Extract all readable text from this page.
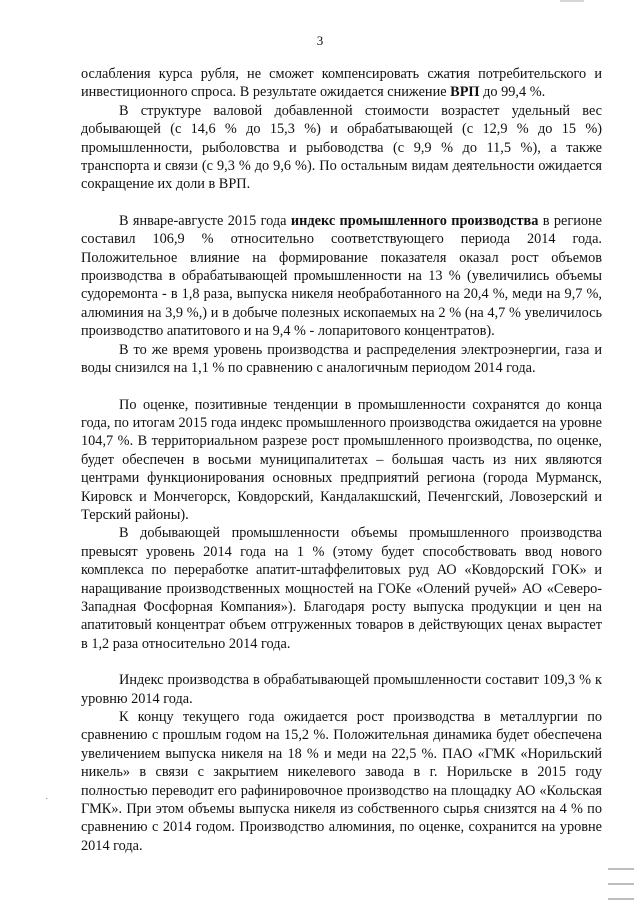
3

ослабления курса рубля, не сможет компенсировать сжатия потребительского и инвестиционного спроса. В результате ожидается снижение ВРП до 99,4 %.

В структуре валовой добавленной стоимости возрастет удельный вес добывающей (с 14,6 % до 15,3 %) и обрабатывающей (с 12,9 % до 15 %) промышленности, рыболовства и рыбоводства (с 9,9 % до 11,5 %), а также транспорта и связи (с 9,3 % до 9,6 %). По остальным видам деятельности ожидается сокращение их доли в ВРП.

В январе-августе 2015 года индекс промышленного производства в регионе составил 106,9 % относительно соответствующего периода 2014 года. Положительное влияние на формирование показателя оказал рост объемов производства в обрабатывающей промышленности на 13 % (увеличились объемы судоремонта - в 1,8 раза, выпуска никеля необработанного на 20,4 %, меди на 9,7 %, алюминия на 3,9 %,) и в добыче полезных ископаемых на 2 % (на 4,7 % увеличилось производство апатитового и на 9,4 % - лопаритового концентратов).

В то же время уровень производства и распределения электроэнергии, газа и воды снизился на 1,1 % по сравнению с аналогичным периодом 2014 года.

По оценке, позитивные тенденции в промышленности сохранятся до конца года, по итогам 2015 года индекс промышленного производства ожидается на уровне 104,7 %. В территориальном разрезе рост промышленного производства, по оценке, будет обеспечен в восьми муниципалитетах – большая часть из них являются центрами функционирования основных предприятий региона (города Мурманск, Кировск и Мончегорск, Ковдорский, Кандалакшский, Печенгский, Ловозерский и Терский районы).

В добывающей промышленности объемы промышленного производства превысят уровень 2014 года на 1 % (этому будет способствовать ввод нового комплекса по переработке апатит-штаффелитовых руд АО «Ковдорский ГОК» и наращивание производственных мощностей на ГОКе «Олений ручей» АО «Северо-Западная Фосфорная Компания»). Благодаря росту выпуска продукции и цен на апатитовый концентрат объем отгруженных товаров в действующих ценах вырастет в 1,2 раза относительно 2014 года.

Индекс производства в обрабатывающей промышленности составит 109,3 % к уровню 2014 года.

К концу текущего года ожидается рост производства в металлургии по сравнению с прошлым годом на 15,2 %. Положительная динамика будет обеспечена увеличением выпуска никеля на 18 % и меди на 22,5 %. ПАО «ГМК «Норильский никель» в связи с закрытием никелевого завода в г. Норильске в 2015 году полностью переводит его рафинировочное производство на площадку АО «Кольская ГМК». При этом объемы выпуска никеля из собственного сырья снизятся на 4 % по сравнению с 2014 годом. Производство алюминия, по оценке, сохранится на уровне 2014 года.

·
